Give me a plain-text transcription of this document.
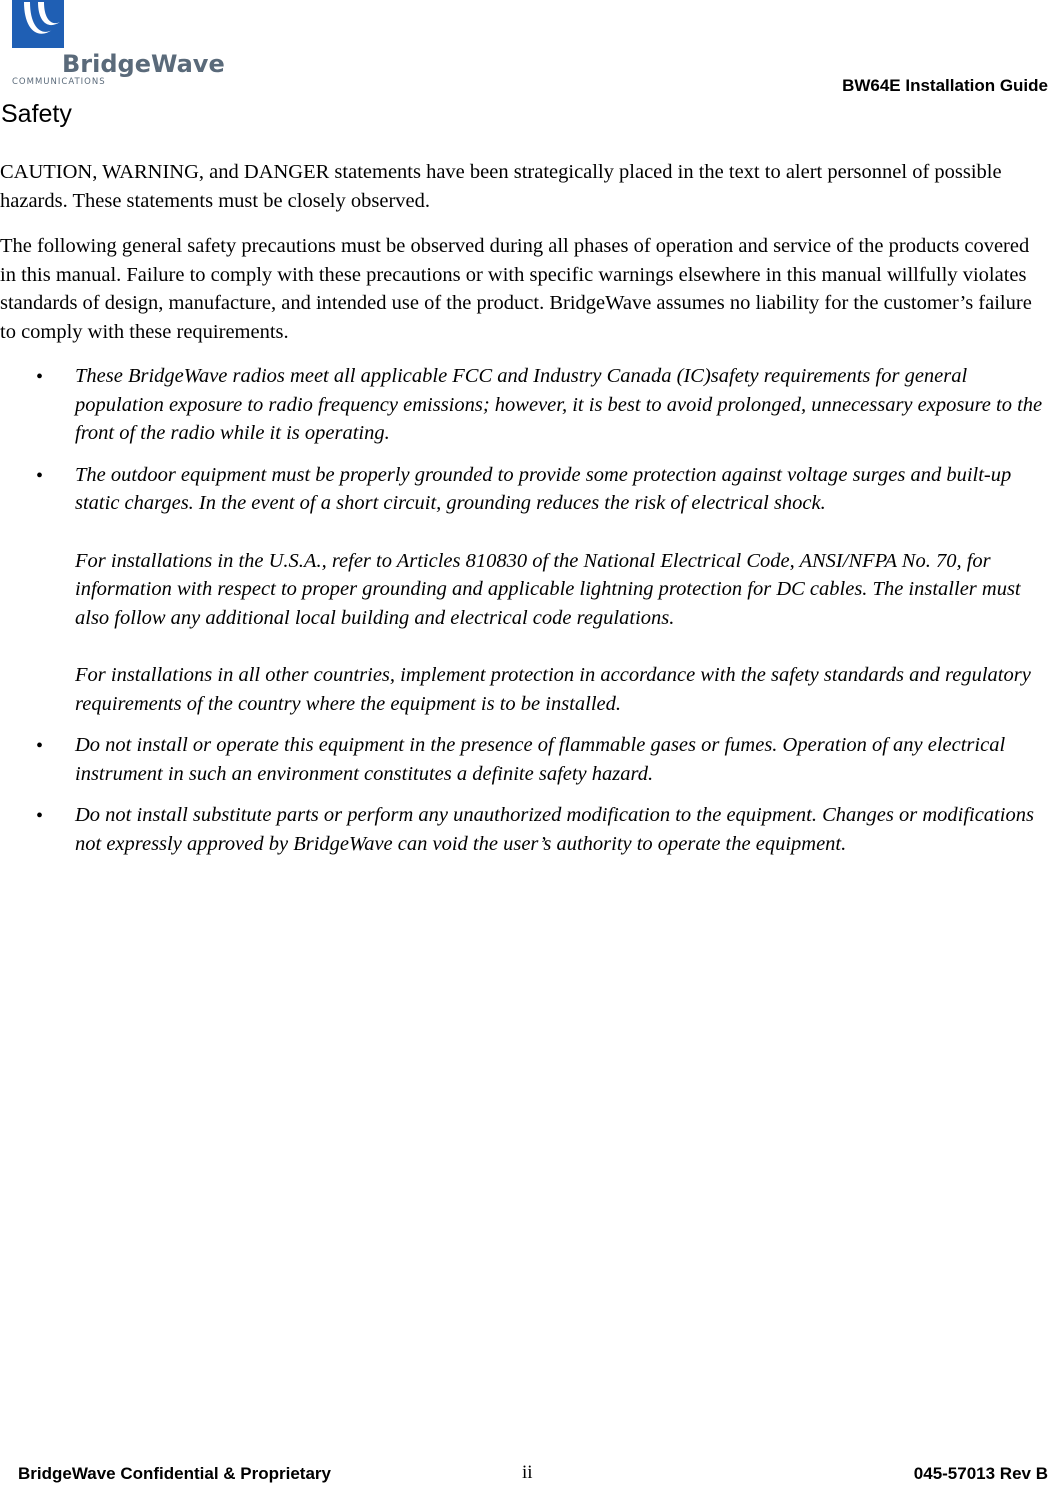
BridgeWave
COMMUNICATIONS	BW64E Installation Guide
Safety

CAUTION, WARNING, and DANGER statements have been strategically placed in the text to alert personnel of possible hazards. These statements must be closely observed.

The following general safety precautions must be observed during all phases of operation and service of the products covered in this manual. Failure to comply with these precautions or with specific warnings elsewhere in this manual willfully violates standards of design, manufacture, and intended use of the product. BridgeWave assumes no liability for the customer’s failure to comply with these requirements.

• These BridgeWave radios meet all applicable FCC and Industry Canada (IC)safety requirements for general population exposure to radio frequency emissions; however, it is best to avoid prolonged, unnecessary exposure to the front of the radio while it is operating.

• The outdoor equipment must be properly grounded to provide some protection against voltage surges and built-up static charges. In the event of a short circuit, grounding reduces the risk of electrical shock.

For installations in the U.S.A., refer to Articles 810830 of the National Electrical Code, ANSI/NFPA No. 70, for information with respect to proper grounding and applicable lightning protection for DC cables. The installer must also follow any additional local building and electrical code regulations.

For installations in all other countries, implement protection in accordance with the safety standards and regulatory requirements of the country where the equipment is to be installed.

• Do not install or operate this equipment in the presence of flammable gases or fumes. Operation of any electrical instrument in such an environment constitutes a definite safety hazard.

• Do not install substitute parts or perform any unauthorized modification to the equipment. Changes or modifications not expressly approved by BridgeWave can void the user’s authority to operate the equipment.

BridgeWave Confidential & Proprietary	ii	045-57013 Rev B
